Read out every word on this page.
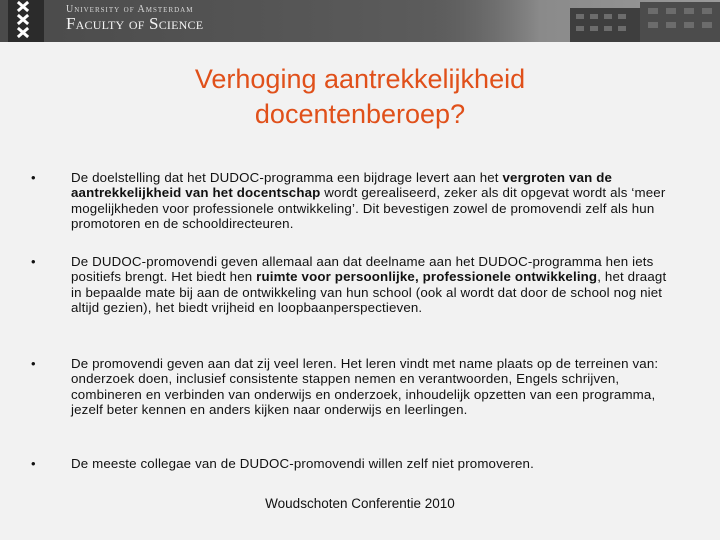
University of Amsterdam
Faculty of Science
Verhoging aantrekkelijkheid
docentenberoep?
•	De doelstelling dat het DUDOC-programma een bijdrage levert aan het vergroten van de aantrekkelijkheid van het docentschap wordt gerealiseerd, zeker als dit opgevat wordt als ‘meer mogelijkheden voor professionele ontwikkeling’. Dit bevestigen zowel de promovendi zelf als hun promotoren en de schooldirecteuren.
•	De DUDOC-promovendi geven allemaal aan dat deelname aan het DUDOC-programma hen iets positiefs brengt. Het biedt hen ruimte voor persoonlijke, professionele ontwikkeling, het draagt in bepaalde mate bij aan de ontwikkeling van hun school (ook al wordt dat door de school nog niet altijd gezien), het biedt vrijheid en loopbaanperspectieven.
•	De promovendi geven aan dat zij veel leren. Het leren vindt met name plaats op de terreinen van: onderzoek doen, inclusief consistente stappen nemen en verantwoorden, Engels schrijven, combineren en verbinden van onderwijs en onderzoek, inhoudelijk opzetten van een programma, jezelf beter kennen en anders kijken naar onderwijs en leerlingen.
•	De meeste collegae van de DUDOC-promovendi willen zelf niet promoveren.
Woudschoten Conferentie 2010
